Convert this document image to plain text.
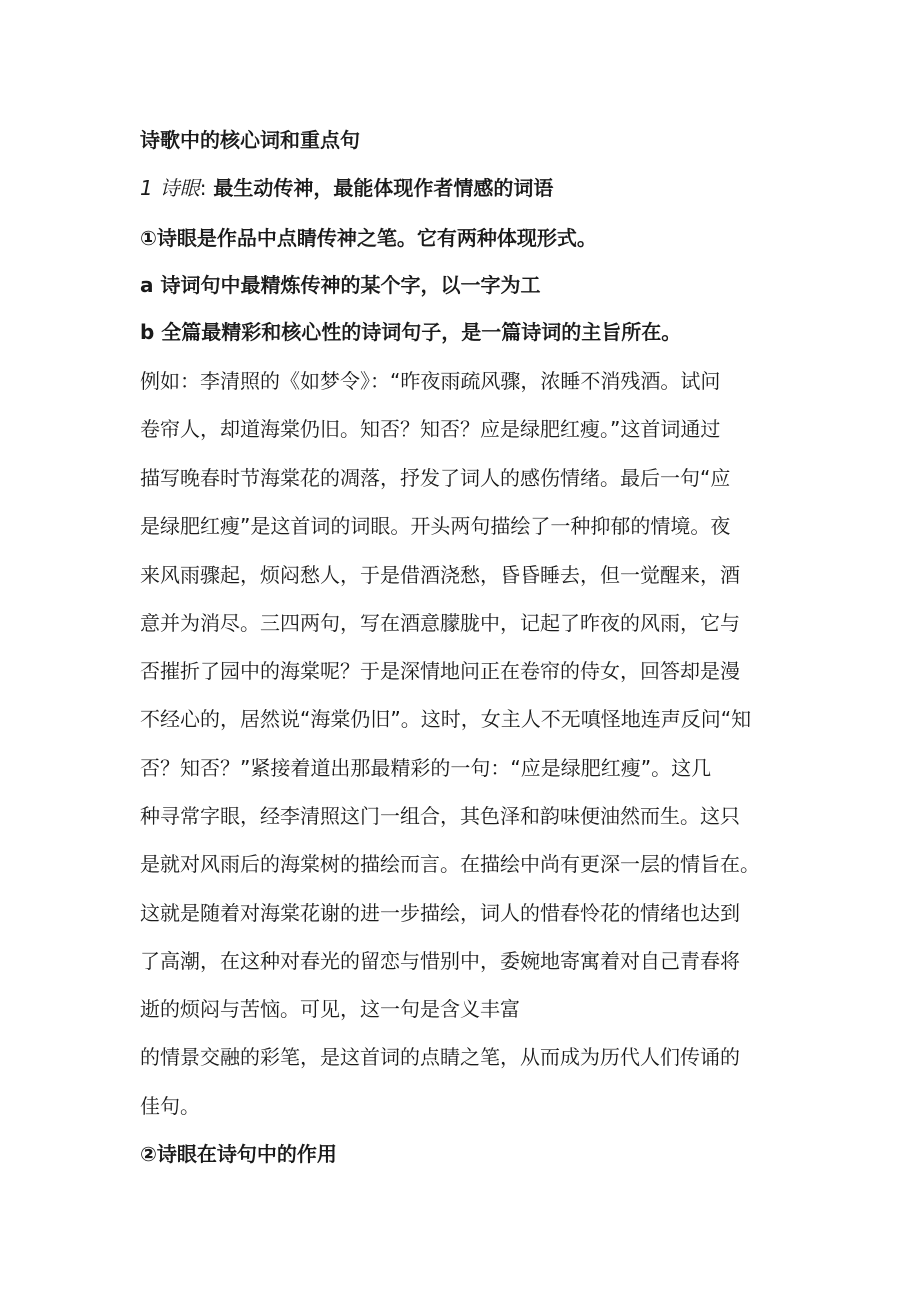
诗歌中的核心词和重点句
1 诗眼: 最生动传神，最能体现作者情感的词语
①诗眼是作品中点睛传神之笔。它有两种体现形式。
a 诗词句中最精炼传神的某个字，以一字为工
b 全篇最精彩和核心性的诗词句子，是一篇诗词的主旨所在。
例如：李清照的《如梦令》：“昨夜雨疏风骤，浓睡不消残酒。试问
卷帘人，却道海棠仍旧。知否？知否？应是绿肥红瘦。”这首词通过
描写晚春时节海棠花的凋落，抒发了词人的感伤情绪。最后一句“应
是绿肥红瘦”是这首词的词眼。开头两句描绘了一种抑郁的情境。夜
来风雨骤起，烦闷愁人，于是借酒浇愁，昏昏睡去，但一觉醒来，酒
意并为消尽。三四两句，写在酒意朦胧中，记起了昨夜的风雨，它与
否摧折了园中的海棠呢？于是深情地问正在卷帘的侍女，回答却是漫
不经心的，居然说“海棠仍旧”。这时，女主人不无嗔怪地连声反问“知
否？知否？”紧接着道出那最精彩的一句：“应是绿肥红瘦”。这几
种寻常字眼，经李清照这门一组合，其色泽和韵味便油然而生。这只
是就对风雨后的海棠树的描绘而言。在描绘中尚有更深一层的情旨在。
这就是随着对海棠花谢的进一步描绘，词人的惜春怜花的情绪也达到
了高潮，在这种对春光的留恋与惜别中，委婉地寄寓着对自己青春将
逝的烦闷与苦恼。可见，这一句是含义丰富
的情景交融的彩笔，是这首词的点睛之笔，从而成为历代人们传诵的
佳句。
②诗眼在诗句中的作用
